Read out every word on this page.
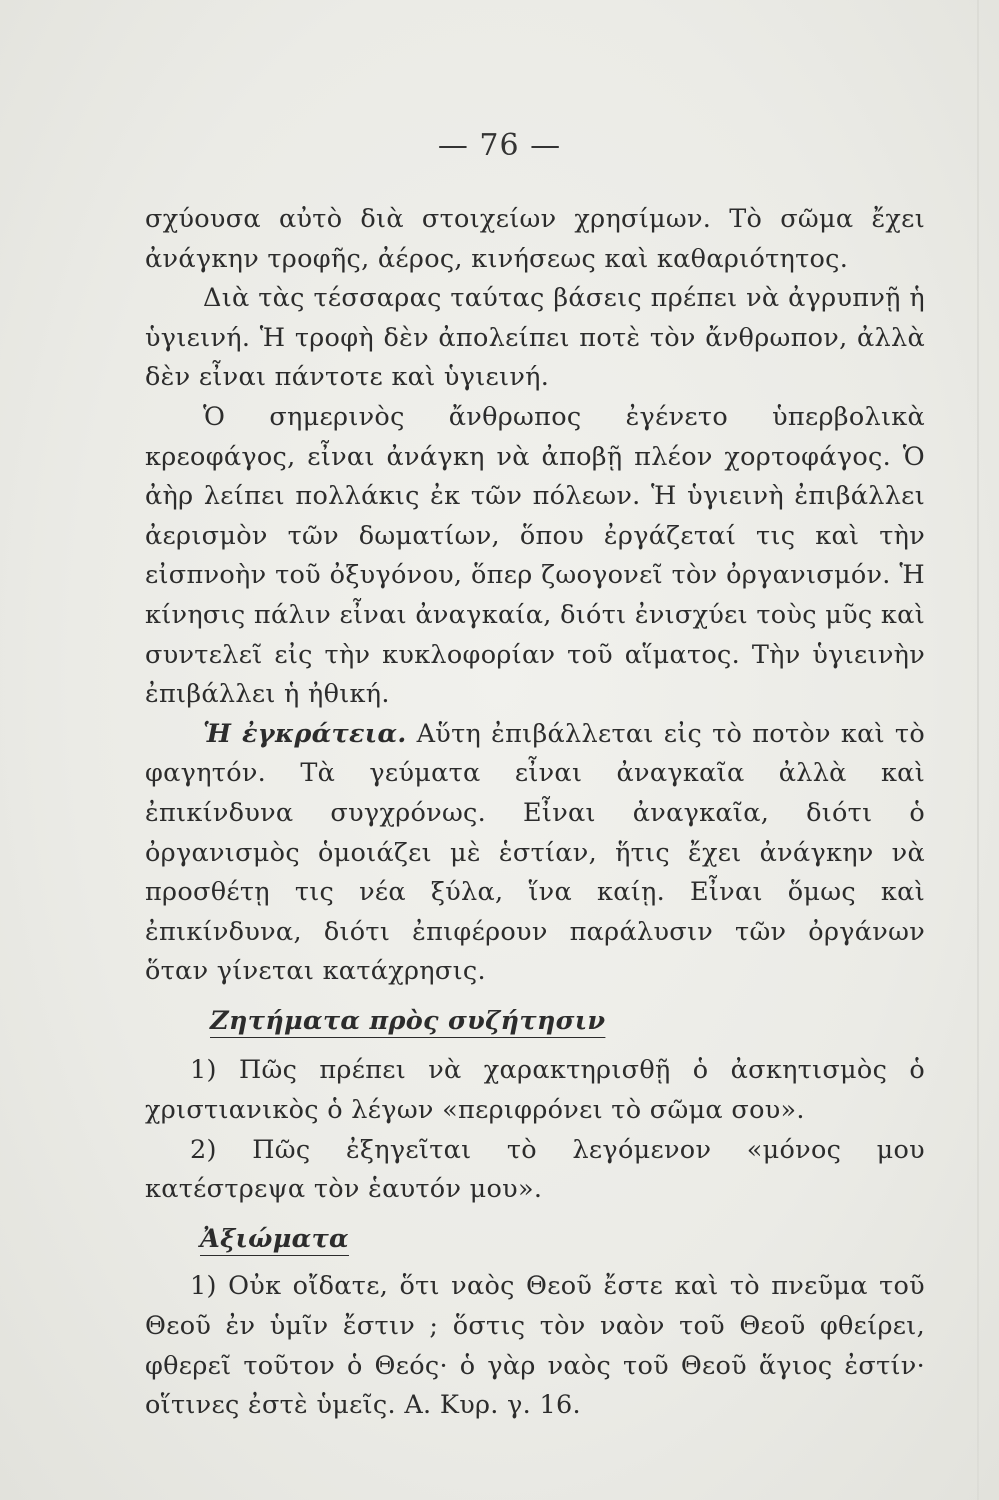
— 76 —

σχύουσα αὐτὸ διὰ στοιχείων χρησίμων. Τὸ σῶμα ἔχει ἀνάγκην τροφῆς, ἀέρος, κινήσεως καὶ καθαριότητος.

Διὰ τὰς τέσσαρας ταύτας βάσεις πρέπει νὰ ἀγρυπνῇ ἡ ὑγιεινή. Ἡ τροφὴ δὲν ἀπολείπει ποτὲ τὸν ἄνθρωπον, ἀλλὰ δὲν εἶναι πάντοτε καὶ ὑγιεινή.

Ὁ σημερινὸς ἄνθρωπος ἐγένετο ὑπερβολικὰ κρεοφάγος, εἶναι ἀνάγκη νὰ ἀποβῇ πλέον χορτοφάγος. Ὁ ἀὴρ λείπει πολλάκις ἐκ τῶν πόλεων. Ἡ ὑγιεινὴ ἐπιβάλλει ἀερισμὸν τῶν δωματίων, ὅπου ἐργάζεταί τις καὶ τὴν εἰσπνοὴν τοῦ ὀξυγόνου, ὅπερ ζωογονεῖ τὸν ὀργανισμόν. Ἡ κίνησις πάλιν εἶναι ἀναγκαία, διότι ἐνισχύει τοὺς μῦς καὶ συντελεῖ εἰς τὴν κυκλοφορίαν τοῦ αἵματος. Τὴν ὑγιεινὴν ἐπιβάλλει ἡ ἠθική.

Ἡ ἐγκράτεια. Αὕτη ἐπιβάλλεται εἰς τὸ ποτὸν καὶ τὸ φαγητόν. Τὰ γεύματα εἶναι ἀναγκαῖα ἀλλὰ καὶ ἐπικίνδυνα συγχρόνως. Εἶναι ἀναγκαῖα, διότι ὁ ὀργανισμὸς ὁμοιάζει μὲ ἑστίαν, ἥτις ἔχει ἀνάγκην νὰ προσθέτῃ τις νέα ξύλα, ἵνα καίῃ. Εἶναι ὅμως καὶ ἐπικίνδυνα, διότι ἐπιφέρουν παράλυσιν τῶν ὀργάνων ὅταν γίνεται κατάχρησις.

Ζητήματα πρὸς συζήτησιν

1) Πῶς πρέπει νὰ χαρακτηρισθῇ ὁ ἀσκητισμὸς ὁ χριστιανικὸς ὁ λέγων «περιφρόνει τὸ σῶμα σου».

2) Πῶς ἐξηγεῖται τὸ λεγόμενον «μόνος μου κατέστρεψα τὸν ἑαυτόν μου».

Ἀξιώματα

1) Οὐκ οἴδατε, ὅτι ναὸς Θεοῦ ἔστε καὶ τὸ πνεῦμα τοῦ Θεοῦ ἐν ὑμῖν ἔστιν ; ὅστις τὸν ναὸν τοῦ Θεοῦ φθείρει, φθερεῖ τοῦτον ὁ Θεός· ὁ γὰρ ναὸς τοῦ Θεοῦ ἅγιος ἐστίν· οἵτινες ἐστὲ ὑμεῖς. Α. Κυρ. γ. 16.
